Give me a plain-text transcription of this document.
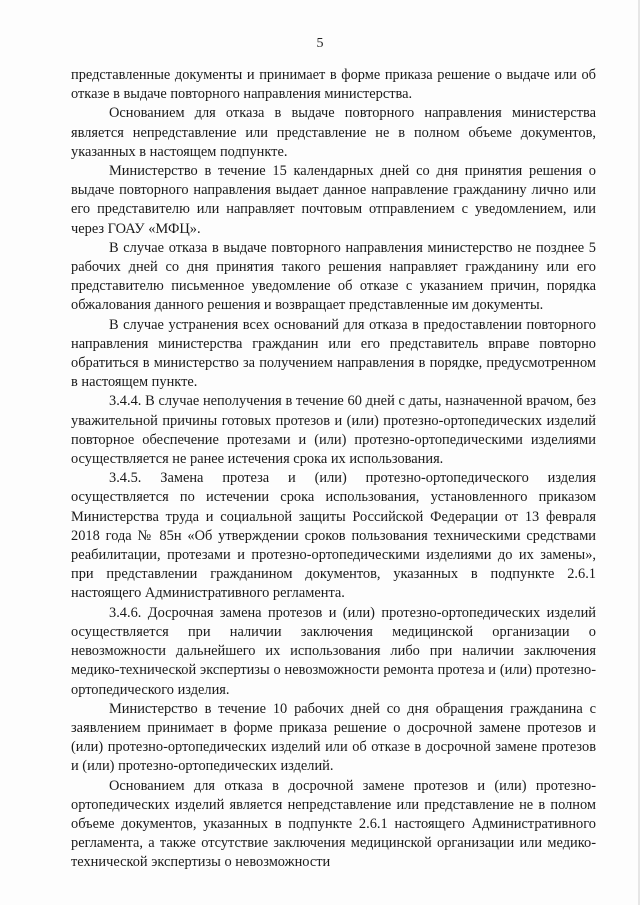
5

представленные документы и принимает в форме приказа решение о выдаче или об отказе в выдаче повторного направления министерства.

Основанием для отказа в выдаче повторного направления министерства является непредставление или представление не в полном объеме документов, указанных в настоящем подпункте.

Министерство в течение 15 календарных дней со дня принятия решения о выдаче повторного направления выдает данное направление гражданину лично или его представителю или направляет почтовым отправлением с уведомлением, или через ГОАУ «МФЦ».

В случае отказа в выдаче повторного направления министерство не позднее 5 рабочих дней со дня принятия такого решения направляет гражданину или его представителю письменное уведомление об отказе с указанием причин, порядка обжалования данного решения и возвращает представленные им документы.

В случае устранения всех оснований для отказа в предоставлении повторного направления министерства гражданин или его представитель вправе повторно обратиться в министерство за получением направления в порядке, предусмотренном в настоящем пункте.

3.4.4. В случае неполучения в течение 60 дней с даты, назначенной врачом, без уважительной причины готовых протезов и (или) протезно-ортопедических изделий повторное обеспечение протезами и (или) протезно-ортопедическими изделиями осуществляется не ранее истечения срока их использования.

3.4.5. Замена протеза и (или) протезно-ортопедического изделия осуществляется по истечении срока использования, установленного приказом Министерства труда и социальной защиты Российской Федерации от 13 февраля 2018 года № 85н «Об утверждении сроков пользования техническими средствами реабилитации, протезами и протезно-ортопедическими изделиями до их замены», при представлении гражданином документов, указанных в подпункте 2.6.1 настоящего Административного регламента.

3.4.6. Досрочная замена протезов и (или) протезно-ортопедических изделий осуществляется при наличии заключения медицинской организации о невозможности дальнейшего их использования либо при наличии заключения медико-технической экспертизы о невозможности ремонта протеза и (или) протезно-ортопедического изделия.

Министерство в течение 10 рабочих дней со дня обращения гражданина с заявлением принимает в форме приказа решение о досрочной замене протезов и (или) протезно-ортопедических изделий или об отказе в досрочной замене протезов и (или) протезно-ортопедических изделий.

Основанием для отказа в досрочной замене протезов и (или) протезно-ортопедических изделий является непредставление или представление не в полном объеме документов, указанных в подпункте 2.6.1 настоящего Административного регламента, а также отсутствие заключения медицинской организации или медико-технической экспертизы о невозможности
